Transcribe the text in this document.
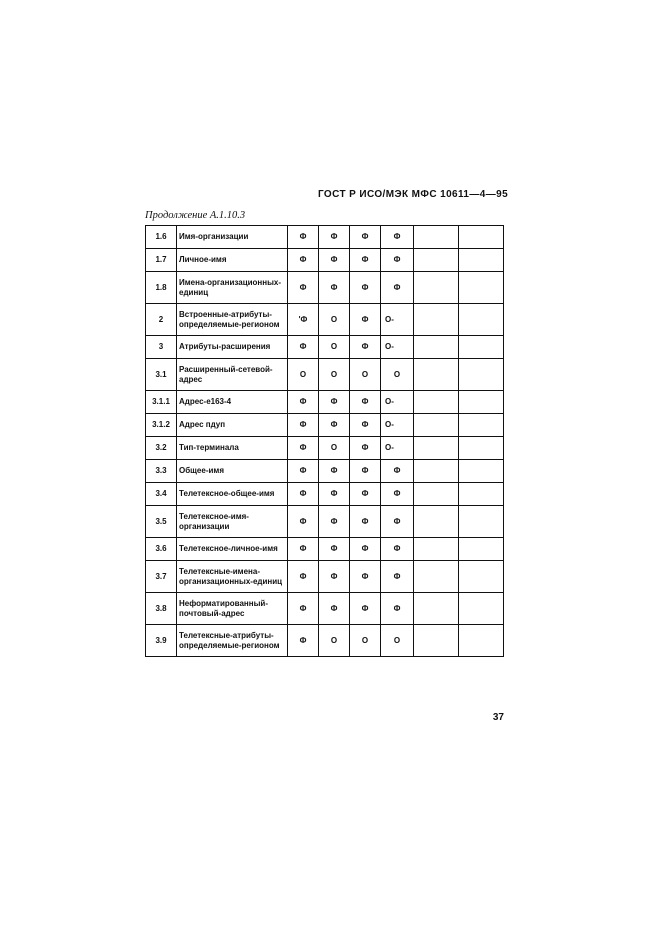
ГОСТ Р ИСО/МЭК МФС 10611—4—95
Продолжение А.1.10.3
1.6	Имя-организации	Ф	Ф	Ф	Ф		
1.7	Личное-имя	Ф	Ф	Ф	Ф		
1.8	Имена-организационных-единиц	Ф	Ф	Ф	Ф		
2	Встроенные-атрибуты-определяемые-регионом	'Ф	О	Ф	О-		
3	Атрибуты-расширения	Ф	О	Ф	О-		
3.1	Расширенный-сетевой-адрес	О	О	О	О		
3.1.1	Адрес-е163-4	Ф	Ф	Ф	О-		
3.1.2	Адрес пдуп	Ф	Ф	Ф	О-		
3.2	Тип-терминала	Ф	О	Ф	О-		
3.3	Общее-имя	Ф	Ф	Ф	Ф		
3.4	Телетексное-общее-имя	Ф	Ф	Ф	Ф		
3.5	Телетексное-имя-организации	Ф	Ф	Ф	Ф		
3.6	Телетексное-личное-имя	Ф	Ф	Ф	Ф		
3.7	Телетексные-имена-организационных-единиц	Ф	Ф	Ф	Ф		
3.8	Неформатированный-почтовый-адрес	Ф	Ф	Ф	Ф		
3.9	Телетексные-атрибуты-определяемые-регионом	Ф	О	О	О		
37
